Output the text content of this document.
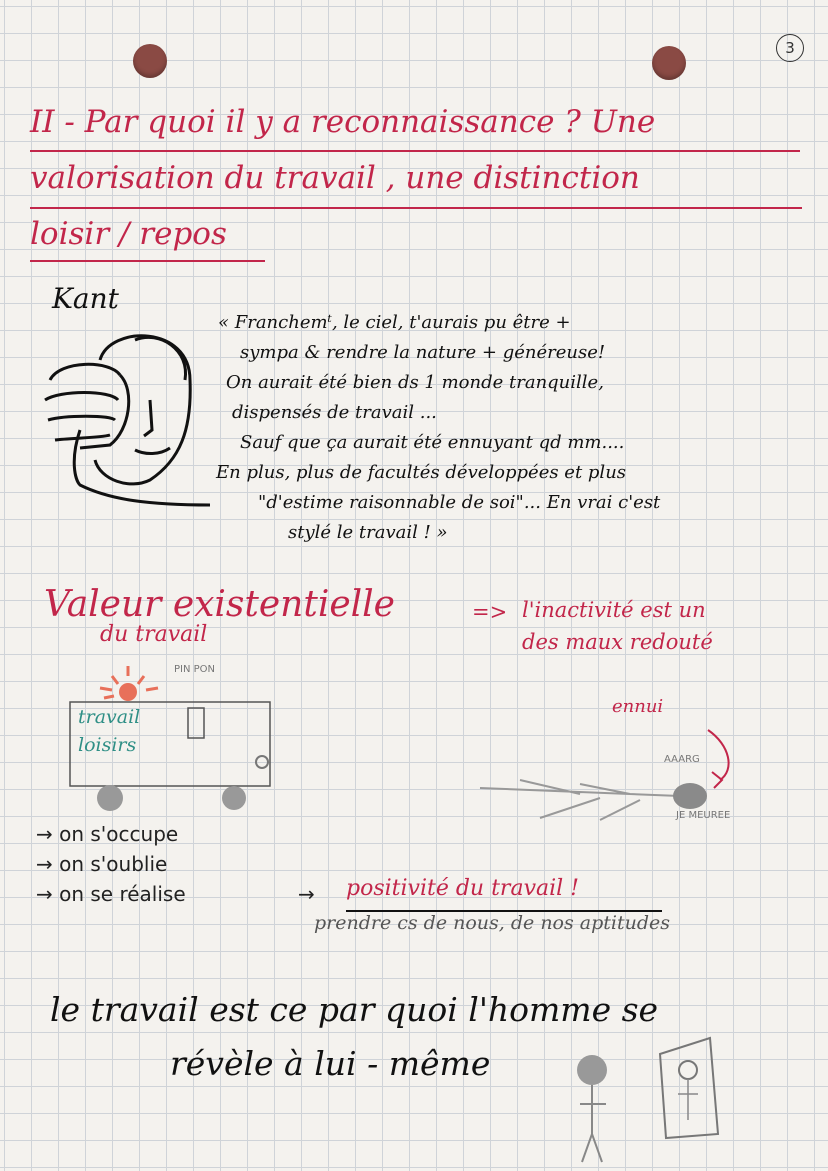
3
II - Par quoi il y a reconnaissance ? Une
valorisation du travail , une distinction
loisir / repos
Kant
« Franchemᵗ, le ciel, t'aurais pu être +
sympa & rendre la nature + généreuse!
On aurait été bien ds 1 monde tranquille,
dispensés de travail ...
Sauf que ça aurait été ennuyant qd mm....
En plus, plus de facultés développées et plus
"d'estime raisonnable de soi"... En vrai c'est
stylé le travail ! »
Valeur existentielle
du travail
=> l'inactivité est un
des maux redouté
PIN PON
travail
loisirs
ennui
AAARG
JE MEUREE
→ on s'occupe
→ on s'oublie
→ on se réalise	→ positivité du travail !
prendre cs de nous, de nos aptitudes
le travail est ce par quoi l'homme se
révèle à lui - même
